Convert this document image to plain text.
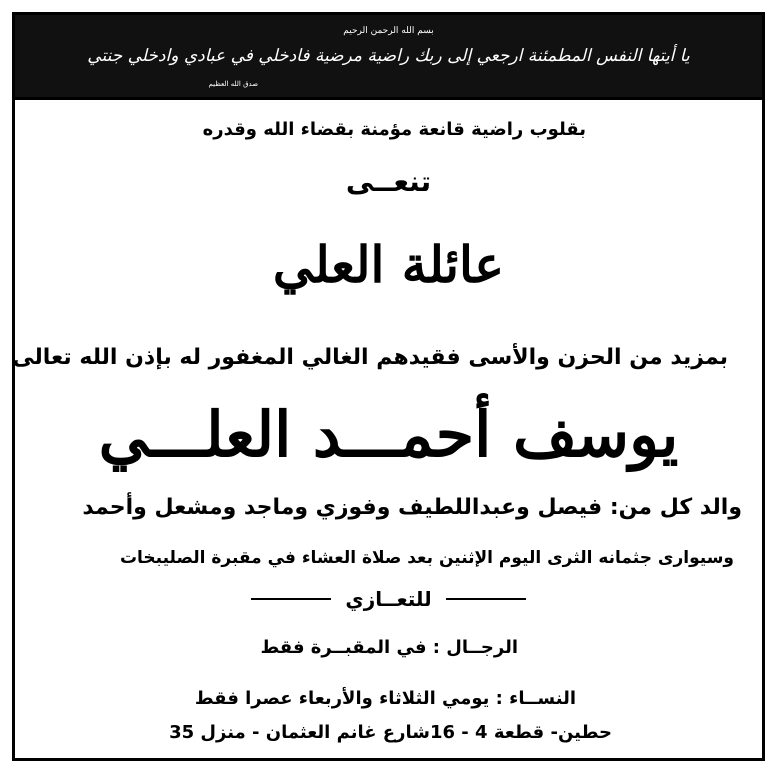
بسم الله الرحمن الرحيم
يا أيتها النفس المطمئنة ارجعي إلى ربك راضية مرضية فادخلي في عبادي وادخلي جنتي
صدق الله العظيم
بقلوب راضية قانعة مؤمنة بقضاء الله وقدره
تنعــى
عائلة العلي
بمزيد من الحزن والأسى فقيدهم الغالي المغفور له بإذن الله تعالى
يوسف أحمـــد العلـــي
والد كل من: فيصل وعبداللطيف وفوزي وماجد ومشعل وأحمد
وسيوارى جثمانه الثرى اليوم الإثنين بعد صلاة العشاء في مقبرة الصليبخات
للتعــازي
الرجــال : في المقبــرة فقط
النســاء : يومي الثلاثاء والأربعاء عصرا فقط
حطين- قطعة 4 - 16شارع غانم العثمان - منزل 35
